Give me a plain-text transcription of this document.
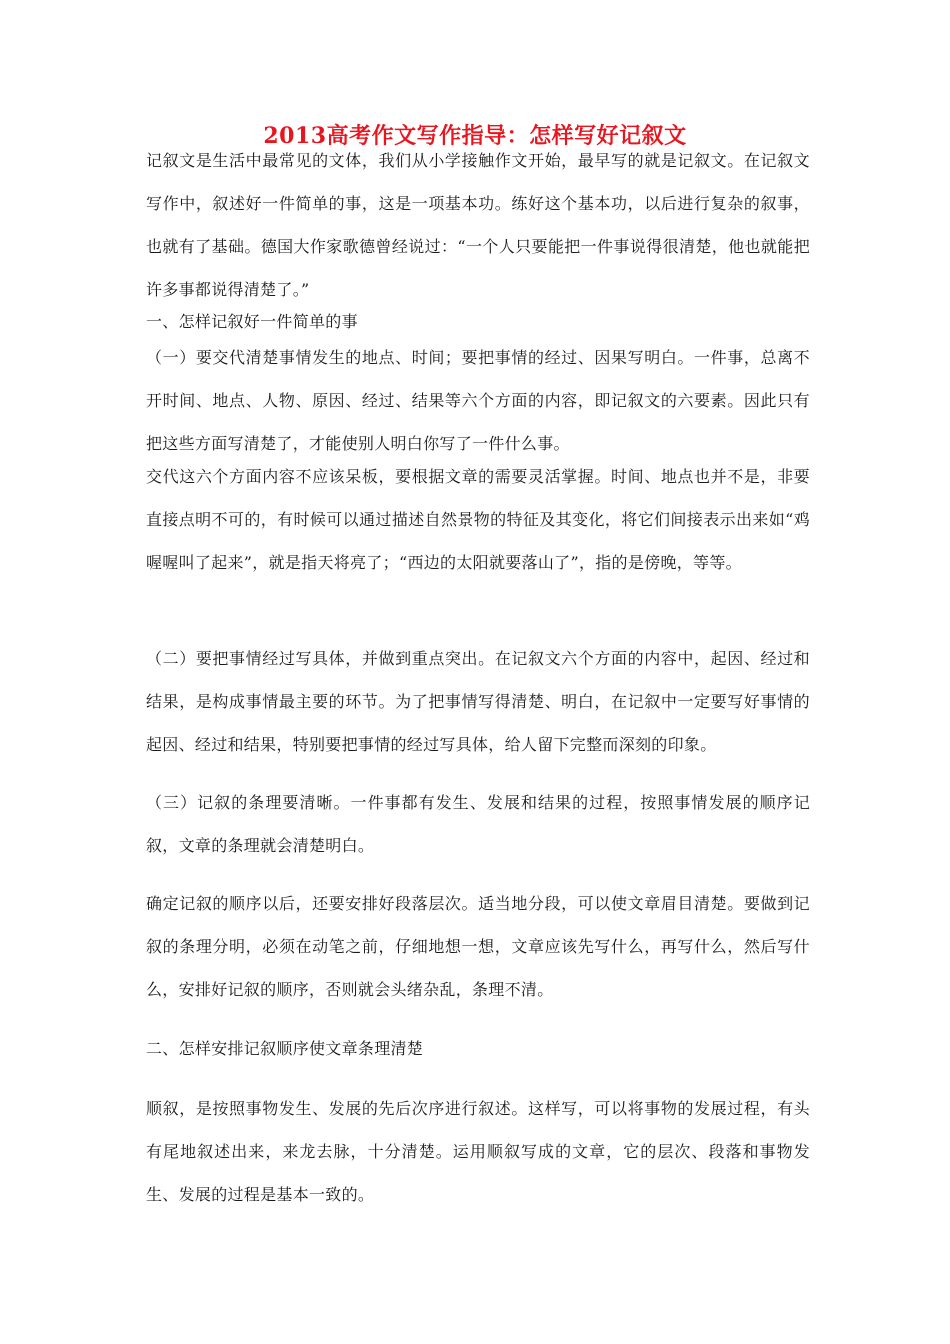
2013高考作文写作指导：怎样写好记叙文
记叙文是生活中最常见的文体，我们从小学接触作文开始，最早写的就是记叙文。在记叙文写作中，叙述好一件简单的事，这是一项基本功。练好这个基本功，以后进行复杂的叙事，也就有了基础。德国大作家歌德曾经说过：“一个人只要能把一件事说得很清楚，他也就能把许多事都说得清楚了。”
一、怎样记叙好一件简单的事
（一）要交代清楚事情发生的地点、时间；要把事情的经过、因果写明白。一件事，总离不开时间、地点、人物、原因、经过、结果等六个方面的内容，即记叙文的六要素。因此只有把这些方面写清楚了，才能使别人明白你写了一件什么事。
交代这六个方面内容不应该呆板，要根据文章的需要灵活掌握。时间、地点也并不是，非要直接点明不可的，有时候可以通过描述自然景物的特征及其变化，将它们间接表示出来如“鸡喔喔叫了起来”，就是指天将亮了；“西边的太阳就要落山了”，指的是傍晚，等等。
（二）要把事情经过写具体，并做到重点突出。在记叙文六个方面的内容中，起因、经过和结果，是构成事情最主要的环节。为了把事情写得清楚、明白，在记叙中一定要写好事情的起因、经过和结果，特别要把事情的经过写具体，给人留下完整而深刻的印象。
（三）记叙的条理要清晰。一件事都有发生、发展和结果的过程，按照事情发展的顺序记叙，文章的条理就会清楚明白。
确定记叙的顺序以后，还要安排好段落层次。适当地分段，可以使文章眉目清楚。要做到记叙的条理分明，必须在动笔之前，仔细地想一想，文章应该先写什么，再写什么，然后写什么，安排好记叙的顺序，否则就会头绪杂乱，条理不清。
二、怎样安排记叙顺序使文章条理清楚
顺叙，是按照事物发生、发展的先后次序进行叙述。这样写，可以将事物的发展过程，有头有尾地叙述出来，来龙去脉，十分清楚。运用顺叙写成的文章，它的层次、段落和事物发生、发展的过程是基本一致的。
